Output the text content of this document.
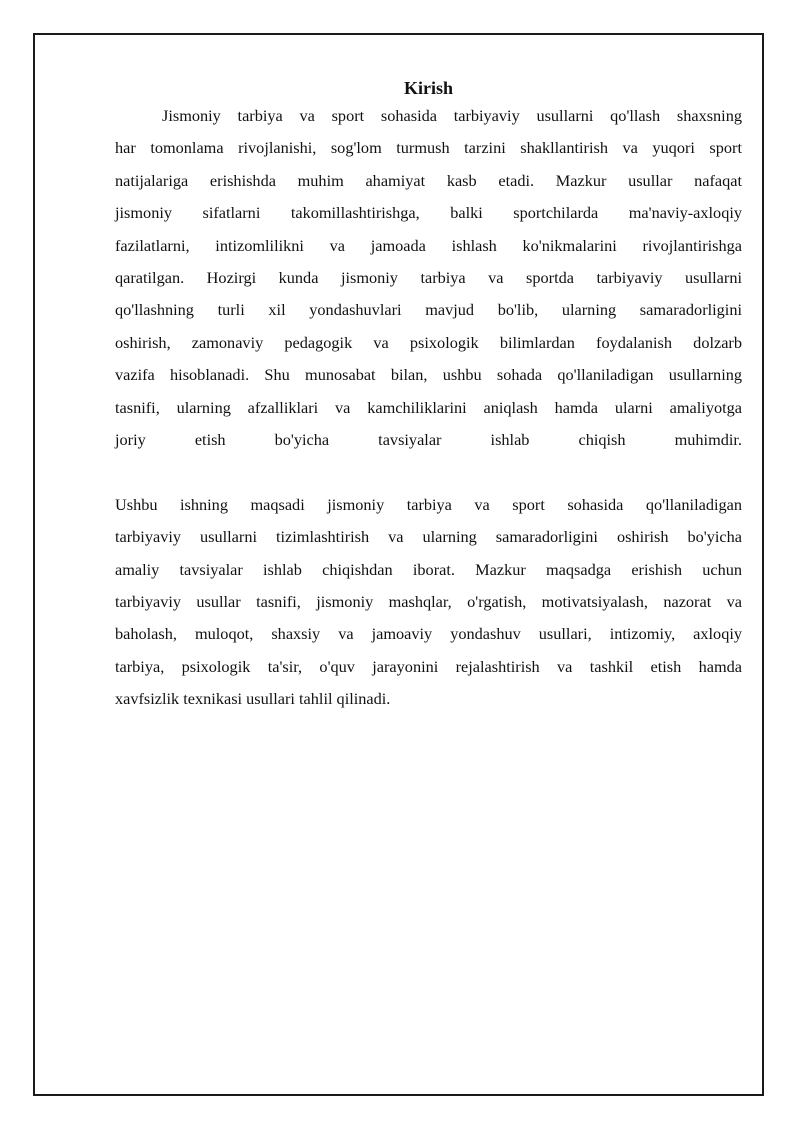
Kirish

Jismoniy tarbiya va sport sohasida tarbiyaviy usullarni qo'llash shaxsning

har tomonlama rivojlanishi, sog'lom turmush tarzini shakllantirish va yuqori sport

natijalariga erishishda muhim ahamiyat kasb etadi. Mazkur usullar nafaqat

jismoniy sifatlarni takomillashtirishga, balki sportchilarda ma'naviy-axloqiy

fazilatlarni, intizomlilikni va jamoada ishlash ko'nikmalarini rivojlantirishga

qaratilgan. Hozirgi kunda jismoniy tarbiya va sportda tarbiyaviy usullarni

qo'llashning turli xil yondashuvlari mavjud bo'lib, ularning samaradorligini

oshirish, zamonaviy pedagogik va psixologik bilimlardan foydalanish dolzarb

vazifa hisoblanadi. Shu munosabat bilan, ushbu sohada qo'llaniladigan usullarning

tasnifi, ularning afzalliklari va kamchiliklarini aniqlash hamda ularni amaliyotga

joriy etish bo'yicha tavsiyalar ishlab chiqish muhimdir.

Ushbu ishning maqsadi jismoniy tarbiya va sport sohasida qo'llaniladigan

tarbiyaviy usullarni tizimlashtirish va ularning samaradorligini oshirish bo'yicha

amaliy tavsiyalar ishlab chiqishdan iborat. Mazkur maqsadga erishish uchun

tarbiyaviy usullar tasnifi, jismoniy mashqlar, o'rgatish, motivatsiyalash, nazorat va

baholash, muloqot, shaxsiy va jamoaviy yondashuv usullari, intizomiy, axloqiy

tarbiya, psixologik ta'sir, o'quv jarayonini rejalashtirish va tashkil etish hamda

xavfsizlik texnikasi usullari tahlil qilinadi.
